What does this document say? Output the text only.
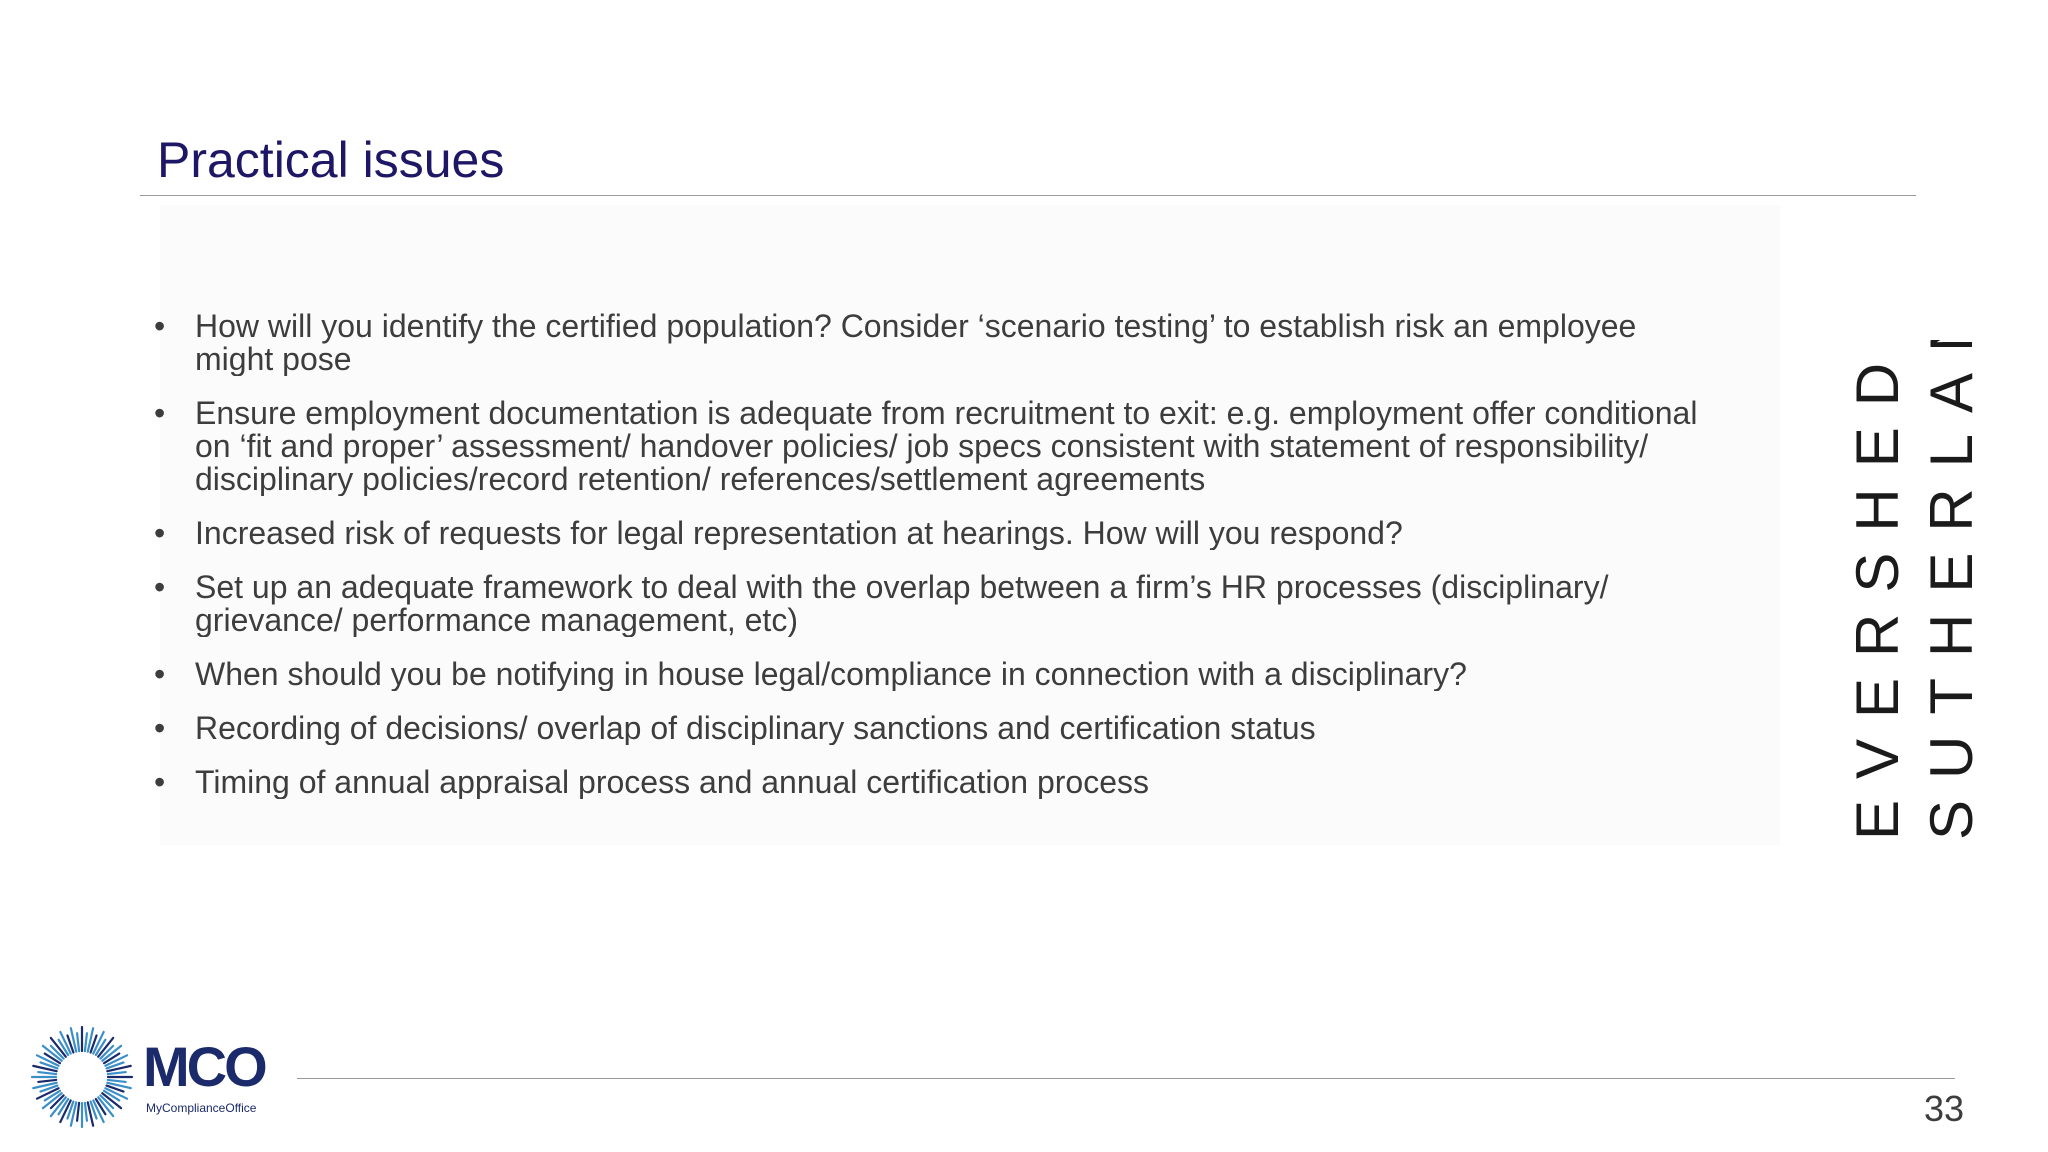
Practical issues
• How will you identify the certified population? Consider ‘scenario testing’ to establish risk an employee
might pose
• Ensure employment documentation is adequate from recruitment to exit: e.g. employment offer conditional
on ‘fit and proper’ assessment/ handover policies/ job specs consistent with statement of responsibility/
disciplinary policies/record retention/ references/settlement agreements
• Increased risk of requests for legal representation at hearings. How will you respond?
• Set up an adequate framework to deal with the overlap between a firm’s HR processes (disciplinary/
grievance/ performance management, etc)
• When should you be notifying in house legal/compliance in connection with a disciplinary?
• Recording of decisions/ overlap of disciplinary sanctions and certification status
• Timing of annual appraisal process and annual certification process	EVERSHEDS SUTHERLAND
MCO
MyComplianceOffice	33
